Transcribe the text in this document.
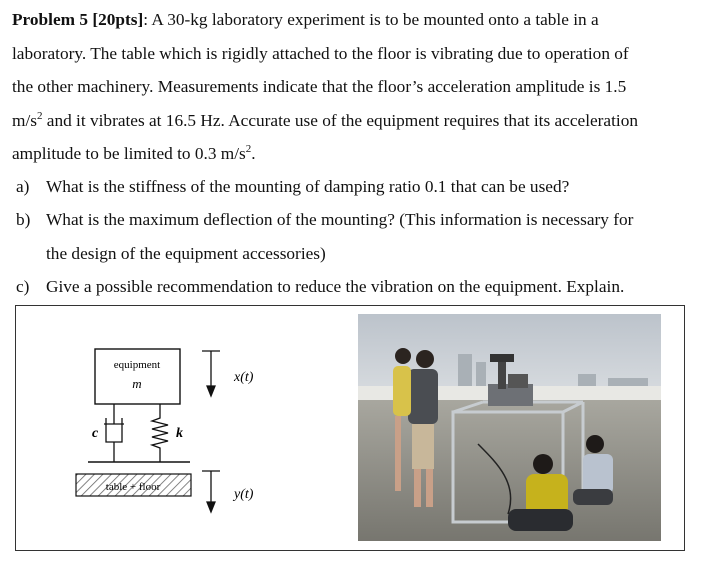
Problem 5 [20pts]: A 30-kg laboratory experiment is to be mounted onto a table in a

laboratory. The table which is rigidly attached to the floor is vibrating due to operation of

the other machinery. Measurements indicate that the floor’s acceleration amplitude is 1.5

$m/s^2$ and it vibrates at 16.5 Hz. Accurate use of the equipment requires that its acceleration

amplitude to be limited to 0.3 $m/s^2$.

a) What is the stiffness of the mounting of damping ratio 0.1 that can be used?
b) What is the maximum deflection of the mounting? (This information is necessary for
the design of the equipment accessories)
c) Give a possible recommendation to reduce the vibration on the equipment. Explain.
equipment
m
c	k
table + floor
x(t)
y(t)
